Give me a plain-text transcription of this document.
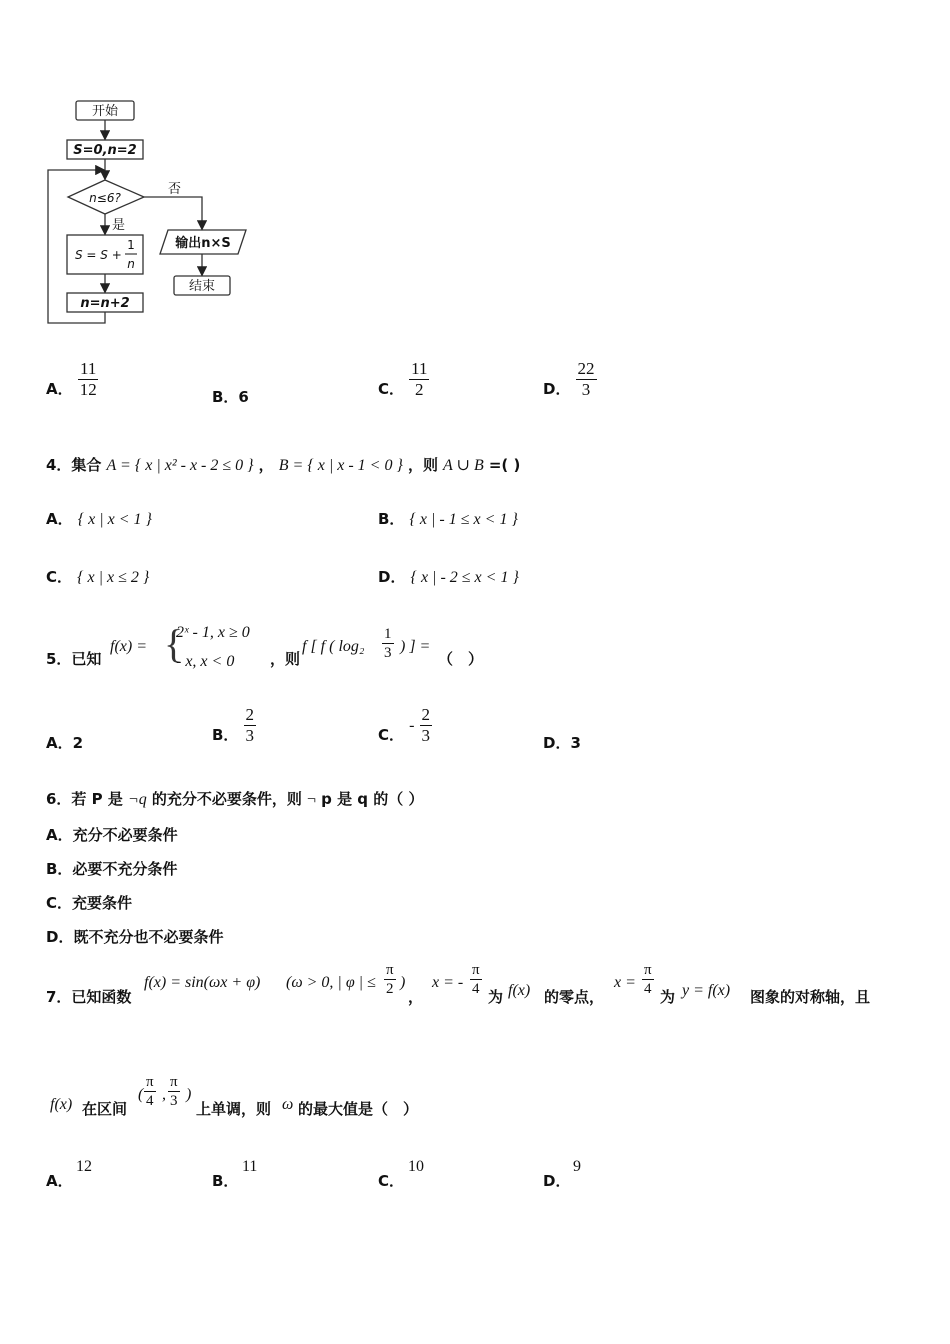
开始
S=0,n=2
n≤6?
是
否
S = S +
1
n
n=n+2
输出n×S
结束
A． $\frac{11}{12}$	B．6	C． $\frac{11}{2}$	D． $\frac{22}{3}$
4．集合 A = { x | x² - x - 2 ≤ 0 } ， B = { x | x - 1 < 0 } ，则 A ∪ B =( )
A． { x | x < 1 }	B． { x | - 1 ≤ x < 1 }
C． { x | x ≤ 2 }	D． { x | - 2 ≤ x < 1 }
5．已知
f(x) = {
2ˣ - 1, x ≥ 0
- x, x < 0 ，则
f [ f ( $\log_2 \frac{1}{3}$ ) ] =
（　）
A．2	B． $\frac{2}{3}$	C． - $\frac{2}{3}$	D．3
6．若 P 是 ¬q 的充分不必要条件，则 ¬ p 是 q 的（ ）
A．充分不必要条件
B．必要不充分条件
C．充要条件
D．既不充分也不必要条件
7．已知函数
f(x) = sin(ωx + φ) (ω > 0, | φ | ≤ $\frac{\pi}{2}$ )
，
x = - $\frac{\pi}{4}$ 为 f(x) 的零点，
$x = \frac{\pi}{4}$ 为 y = f(x) 图象的对称轴，且
f(x) 在区间
( $\frac{\pi}{4}$ , $\frac{\pi}{3}$ )
上单调，则 ω 的最大值是（　）
A．
12
B．
11
C．
10
D．
9
